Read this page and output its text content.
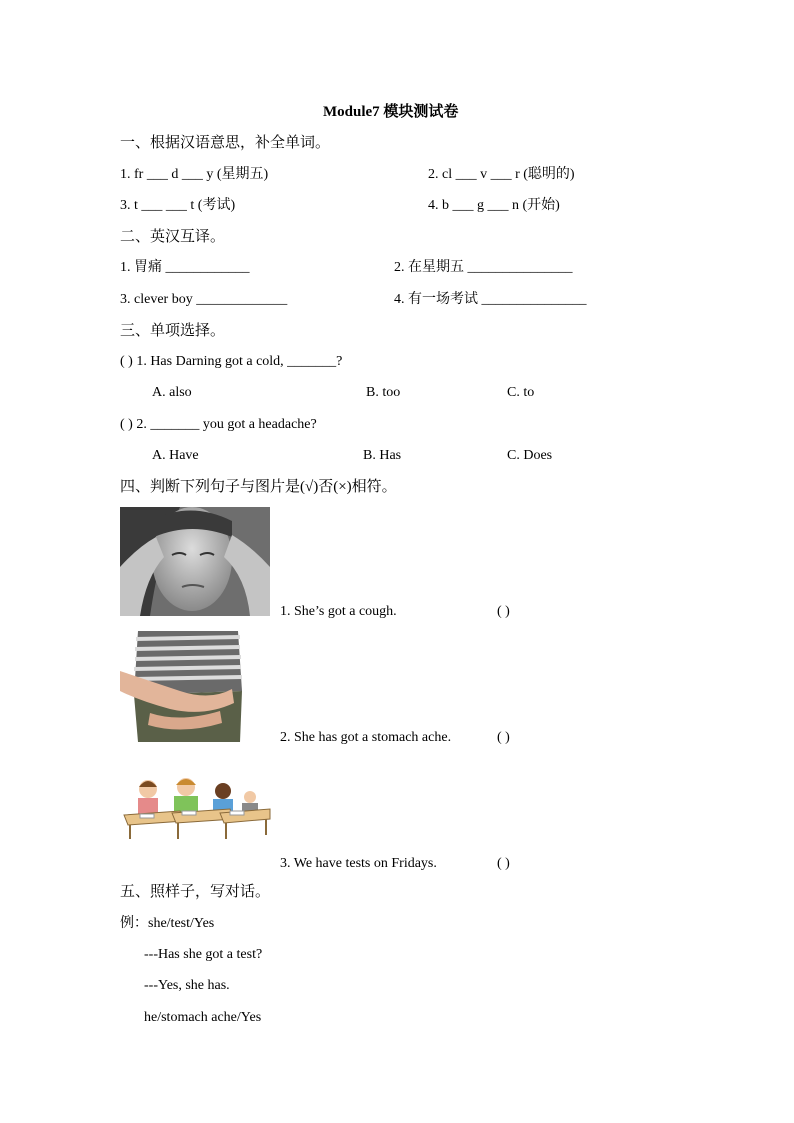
Module7 模块测试卷
一、根据汉语意思，补全单词。
1. fr ___ d ___ y (星期五)	2. cl ___ v ___ r (聪明的)
3. t ___ ___ t (考试)	4. b ___ g ___ n (开始)
二、英汉互译。
1. 胃痛 ____________	2. 在星期五 _______________
3. clever boy _____________	4. 有一场考试 _______________
三、单项选择。
( ) 1. Has Darning got a cold, _______?
A. also	B. too	C. to
( ) 2. _______ you got a headache?
A. Have	B. Has	C. Does
四、判断下列句子与图片是(√)否(×)相符。
1. She’s got a cough.	( )
2. She has got a stomach ache.	( )
3. We have tests on Fridays.	( )
五、照样子，写对话。
例：she/test/Yes
---Has she got a test?
---Yes, she has.
he/stomach ache/Yes
